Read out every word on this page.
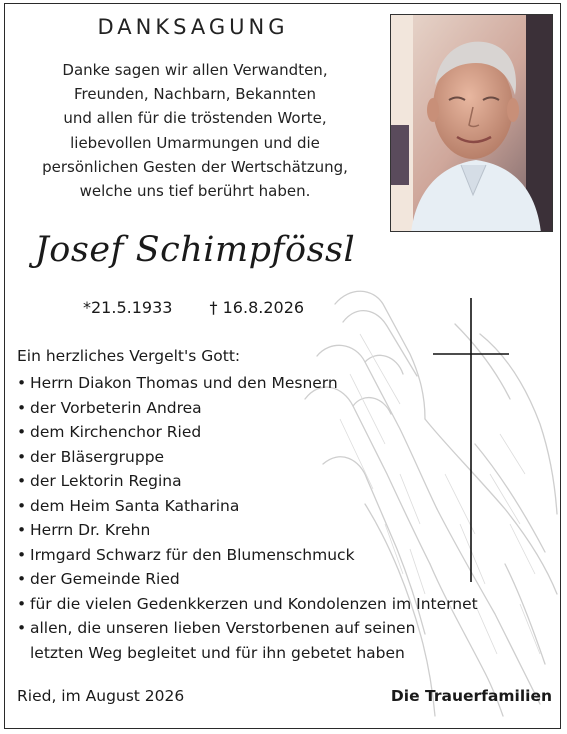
DANKSAGUNG
Danke sagen wir allen Verwandten,
Freunden, Nachbarn, Bekannten
und allen für die tröstenden Worte,
liebevollen Umarmungen und die
persönlichen Gesten der Wertschätzung,
welche uns tief berührt haben.
Josef Schimpfössl
*21.5.1933 † 16.8.2026
Ein herzliches Vergelt's Gott:
• Herrn Diakon Thomas und den Mesnern
• der Vorbeterin Andrea
• dem Kirchenchor Ried
• der Bläsergruppe
• der Lektorin Regina
• dem Heim Santa Katharina
• Herrn Dr. Krehn
• Irmgard Schwarz für den Blumenschmuck
• der Gemeinde Ried
• für die vielen Gedenkkerzen und Kondolenzen im Internet
• allen, die unseren lieben Verstorbenen auf seinen
letzten Weg begleitet und für ihn gebetet haben
Ried, im August 2026	Die Trauerfamilien
